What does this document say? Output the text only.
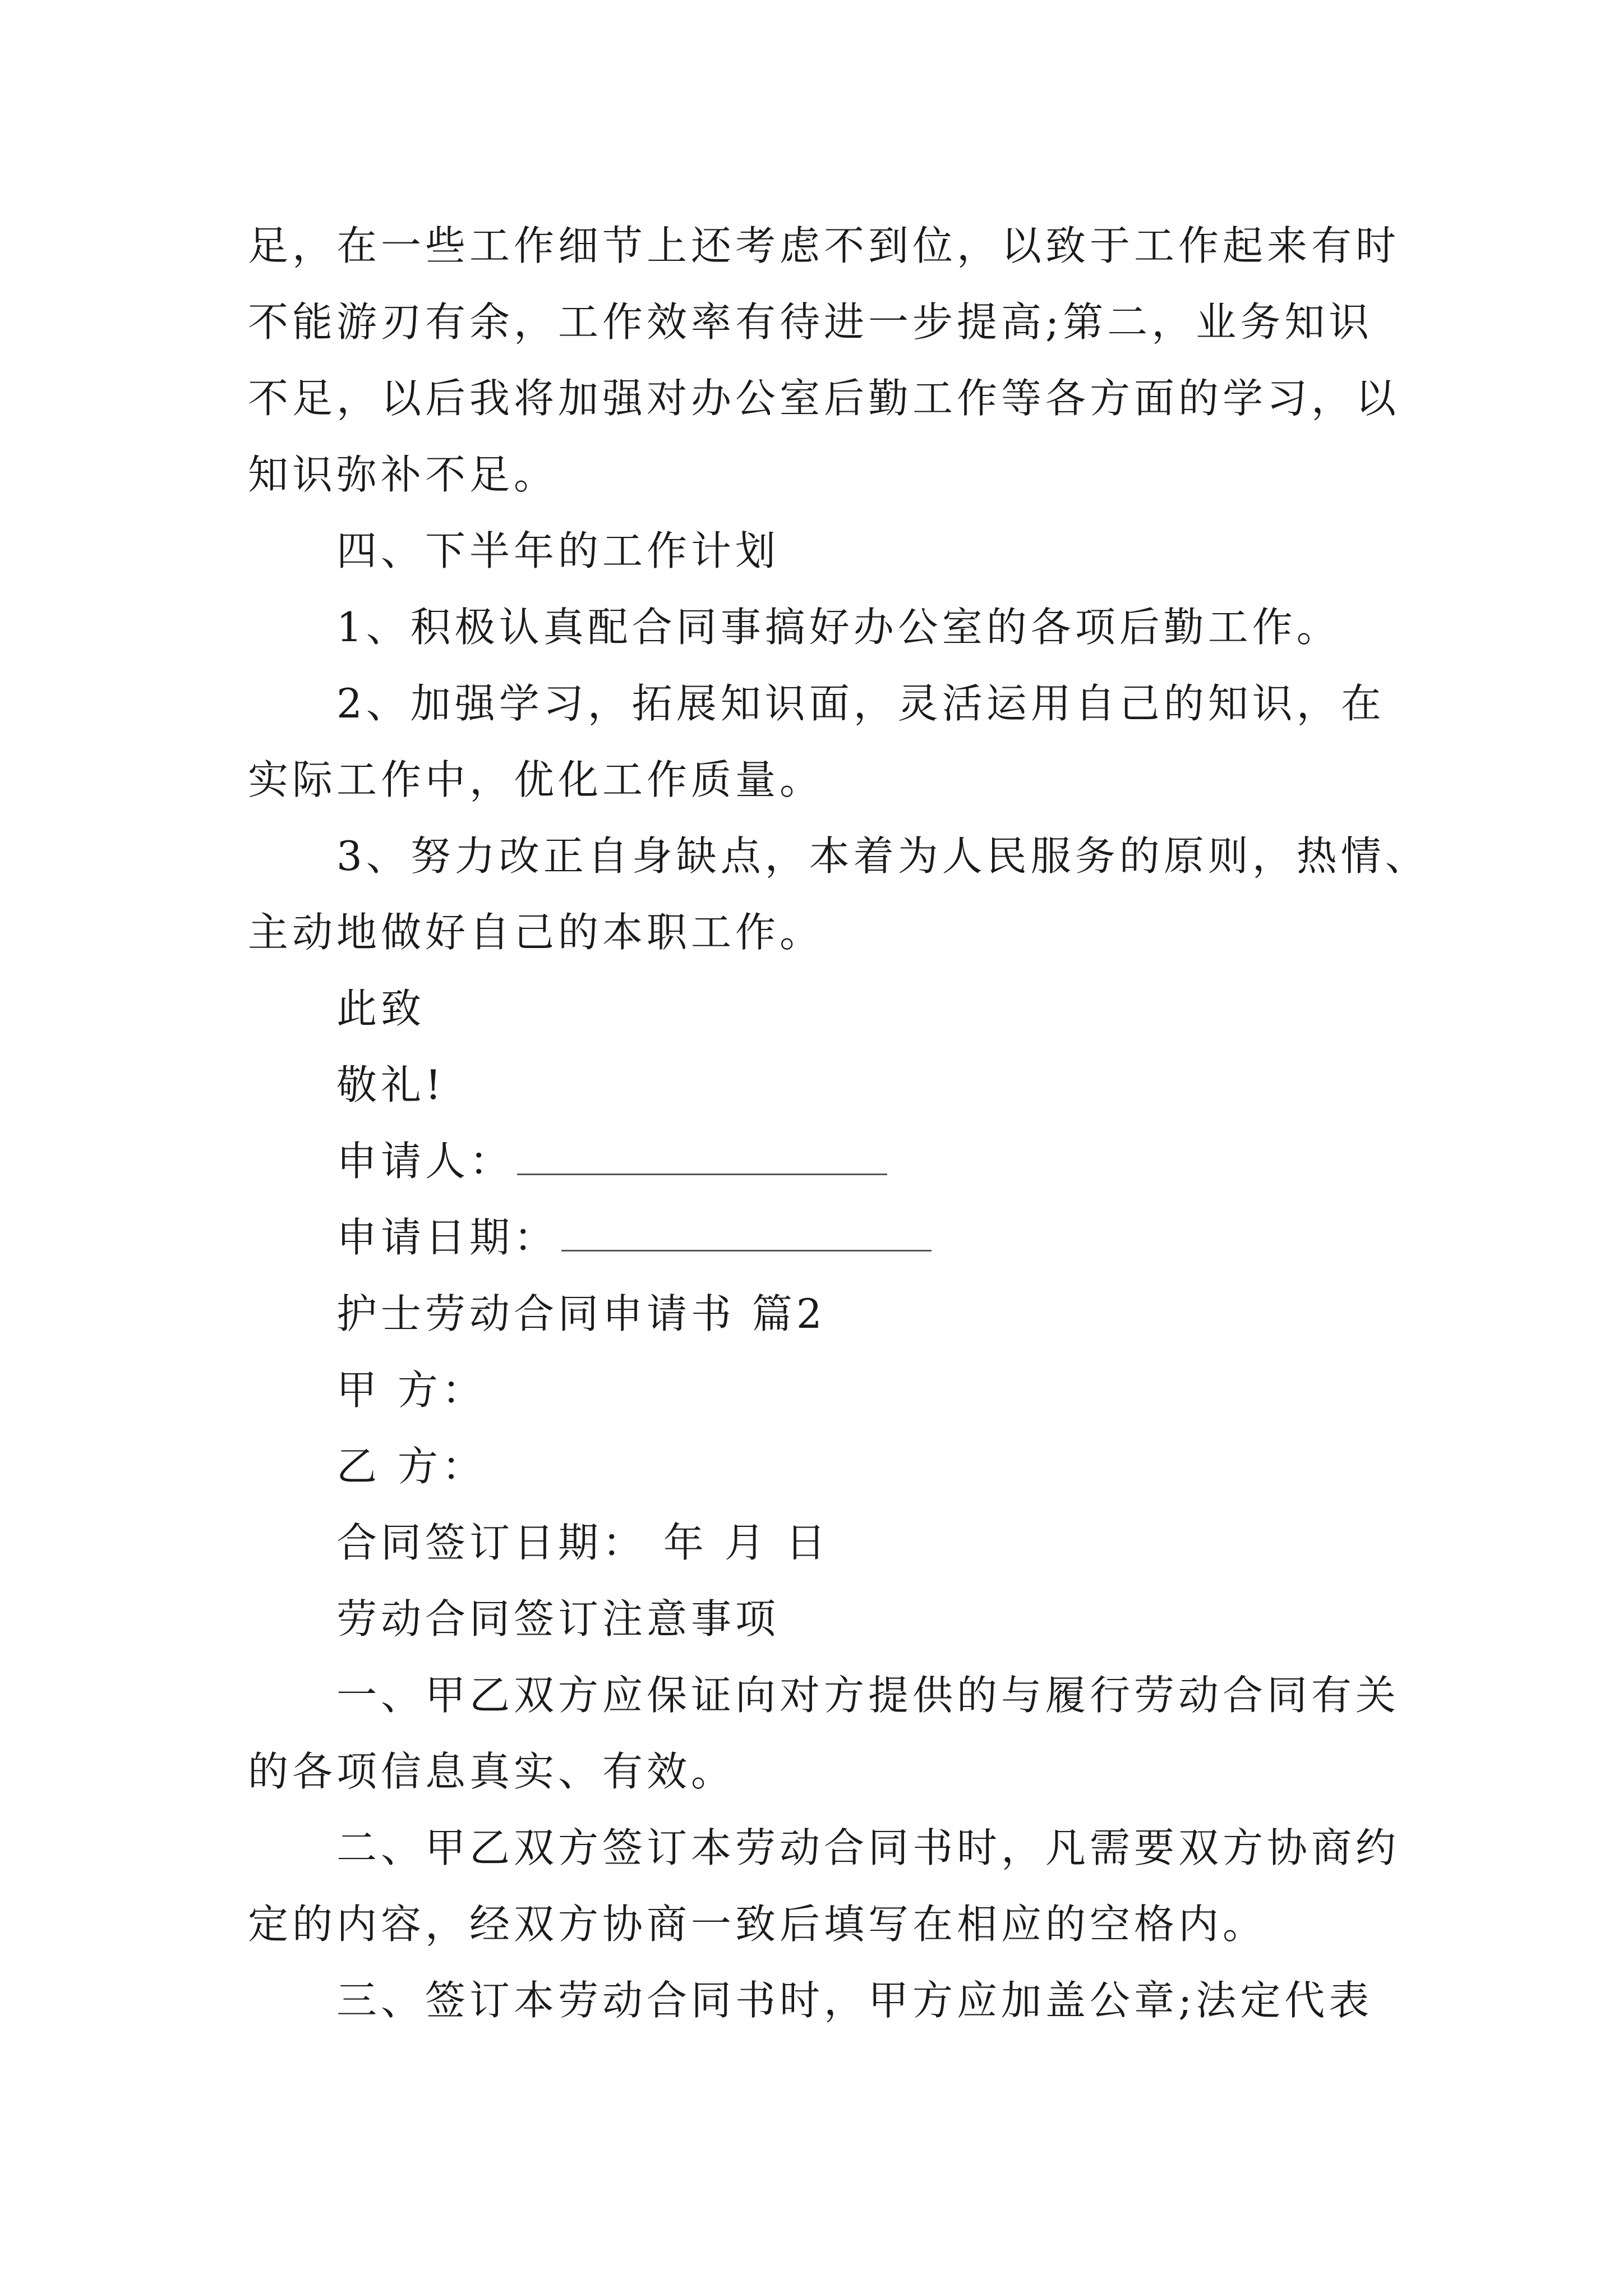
足，在一些工作细节上还考虑不到位，以致于工作起来有时
不能游刃有余，工作效率有待进一步提高;第二，业务知识
不足，以后我将加强对办公室后勤工作等各方面的学习，以
知识弥补不足。
四、下半年的工作计划
1、积极认真配合同事搞好办公室的各项后勤工作。
2、加强学习，拓展知识面，灵活运用自己的知识，在
实际工作中，优化工作质量。
3、努力改正自身缺点，本着为人民服务的原则，热情、
主动地做好自己的本职工作。
此致
敬礼!
申请人：
申请日期：
护士劳动合同申请书 篇2
甲 方：
乙 方：
合同签订日期： 年 月 日
劳动合同签订注意事项
一、甲乙双方应保证向对方提供的与履行劳动合同有关
的各项信息真实、有效。
二、甲乙双方签订本劳动合同书时，凡需要双方协商约
定的内容，经双方协商一致后填写在相应的空格内。
三、签订本劳动合同书时，甲方应加盖公章;法定代表
